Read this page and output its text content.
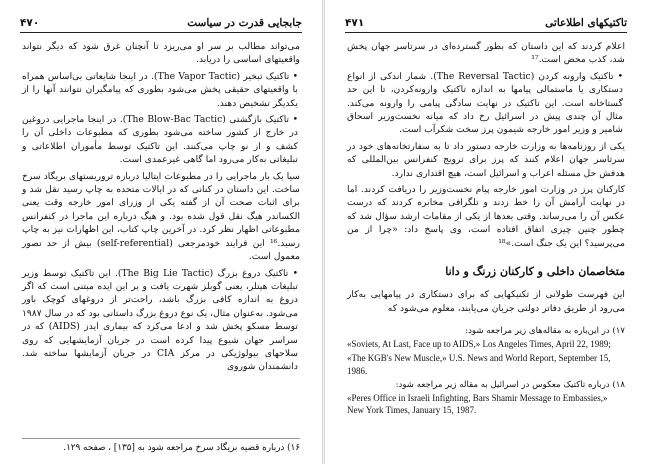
جابجایی قدرت در سیاست
۴۷۰

می‌تواند مطالب بر سر او می‌ریزد تا آنچنان غرق شود که دیگر نتواند واقعیتهای اساسی را دریابد.

• تاکتیک تبخیر (The Vapor Tactic). در اینجا شایعاتی بی‌اساس همراه با واقعیتهای حقیقی پخش می‌شود بطوری که پیامگیران نتوانند آنها را از یکدیگر تشخیص دهند.

• تاکتیک بازگشتی (The Blow-Bac Tactic). در اینجا ماجرایی دروغین در خارج از کشور ساخته می‌شود بطوری که مطبوعات داخلی آن را کشف و از نو چاپ می‌کنند. این تاکتیک توسط مأموران اطلاعاتی و تبلیغاتی به‌کار می‌رود اما گاهی غیرعمدی است.

سیا یک بار ماجرایی را در مطبوعات ایتالیا درباره تروریستهای بریگاد سرخ ساخت. این داستان در کنانی که در ایالات متحده به چاپ رسید نقل شد و برای اثبات صحت آن از گفته یکی از وزرای امور خارجه وقت یعنی الکساندر هیگ نقل قول شده بود. و هیگ درباره این ماجرا در کنفرانس مطبوعاتی اظهار نظر کرد. در آخرین چاپ کتاب، این اظهارات نیز به چاپ رسید.¹⁶ این فرایند خودمرجعی (self-referential) بیش از حد تصور معمول است.

• تاکتیک دروغ بزرگ (The Big Lie Tactic). این تاکتیک توسط وزیر تبلیغات هیتلر، یعنی گوبلز شهرت یافت و بر این ایده مبتنی است که اگر دروغ به اندازه کافی بزرگ باشد، راحت‌تر از دروغهای کوچک باور می‌شود. به‌عنوان مثال، یک نوع دروغ بزرگ داستانی بود که در سال ۱۹۸۷ توسط مسکو پخش شد و ادعا می‌کرد که بیماری ایدز (AIDS) که در سراسر جهان شیوع پیدا کرده است در جریان آزمایشهایی که روی سلاحهای بیولوژیکی در مرکز CIA در جریان آزمایشها ساخته شد. دانشمندان شوروی

۱۶) درباره قضیه بریگاد سرخ مراجعه شود به [۱۳۵] ، صفحه ۱۲۹.
تاکتیکهای اطلاعاتی
۴۷۱

اعلام کردند که این داستان که بطور گسترده‌ای در سرتاسر جهان پخش شد، کذب محض است.¹⁷

• تاکتیک وارونه کردن (The Reversal Tactic). شمار اندکی از انواع دستکاری یا ماستمالی پیامها به اندازه تاکتیک وارونه‌کردن، تا این حد گستاخانه است. این تاکتیک در نهایت سادگی پیامی را وارونه می‌کند. مثال آن چندی پیش در اسرائیل رخ داد که میانه نخست‌وزیر اسحاق شامیر و وزیر امور خارجه شیمون پرز سخت شکرآب است.

یکی از روزنامه‌ها به وزارت خارجه دستور داد تا به سفارتخانه‌های خود در سرتاسر جهان اعلام کنند که پرز برای ترویج کنفرانس بین‌المللی که هدفش حل مسئله اعراب و اسرائیل است، هیچ اقتداری ندارد.

کارکنان پرز در وزارت امور خارجه پیام نخست‌وزیر را دریافت کردند. اما در نهایت آرامش آن را خط زدند و تلگرافی مخابره کردند که درست عکس آن را می‌رساند. وقتی بعدها از یکی از مقامات ارشد سؤال شد که چطور چنین چیزی اتفاق افتاده است، وی پاسخ داد: «چرا از من می‌پرسید؟ این یک جنگ است.»¹⁸

متخاصمان داخلی و کارکنان زرنگ و دانا

این فهرست طولانی از تکنیکهایی که برای دستکاری در پیامهایی به‌کار می‌رود از طریق دفاتر دولتی جریان می‌یابند، معلوم می‌شود که

۱۷) در این‌باره به مقاله‌های زیر مراجعه شود:
«Soviets, At Last, Face up to AIDS,» Los Angeles Times, April 22, 1989;
«The KGB's New Muscle,» U.S. News and World Report, September 15, 1986.
۱۸) درباره تاکتیک معکوس در اسرائیل به مقاله زیر مراجعه شود:
«Peres Office in Israeli Infighting, Bars Shamir Message to Embassies,» New York Times, January 15, 1987.
